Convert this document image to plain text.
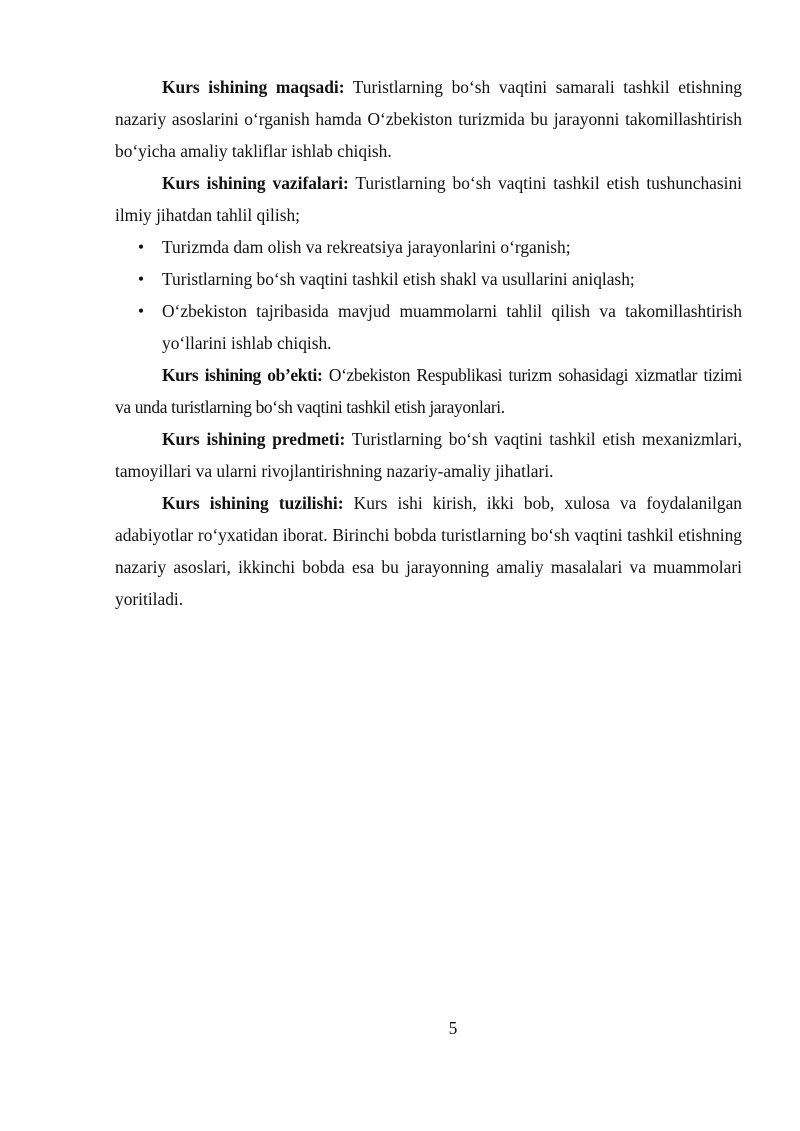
Kurs ishining maqsadi: Turistlarning bo‘sh vaqtini samarali tashkil etishning nazariy asoslarini o‘rganish hamda O‘zbekiston turizmida bu jarayonni takomillashtirish bo‘yicha amaliy takliflar ishlab chiqish.

Kurs ishining vazifalari: Turistlarning bo‘sh vaqtini tashkil etish tushunchasini ilmiy jihatdan tahlil qilish;

• Turizmda dam olish va rekreatsiya jarayonlarini o‘rganish;
• Turistlarning bo‘sh vaqtini tashkil etish shakl va usullarini aniqlash;
• O‘zbekiston tajribasida mavjud muammolarni tahlil qilish va takomillashtirish yo‘llarini ishlab chiqish.

Kurs ishining ob’ekti: O‘zbekiston Respublikasi turizm sohasidagi xizmatlar tizimi va unda turistlarning bo‘sh vaqtini tashkil etish jarayonlari.

Kurs ishining predmeti: Turistlarning bo‘sh vaqtini tashkil etish mexanizmlari, tamoyillari va ularni rivojlantirishning nazariy-amaliy jihatlari.

Kurs ishining tuzilishi: Kurs ishi kirish, ikki bob, xulosa va foydalanilgan adabiyotlar ro‘yxatidan iborat. Birinchi bobda turistlarning bo‘sh vaqtini tashkil etishning nazariy asoslari, ikkinchi bobda esa bu jarayonning amaliy masalalari va muammolari yoritiladi.

5
